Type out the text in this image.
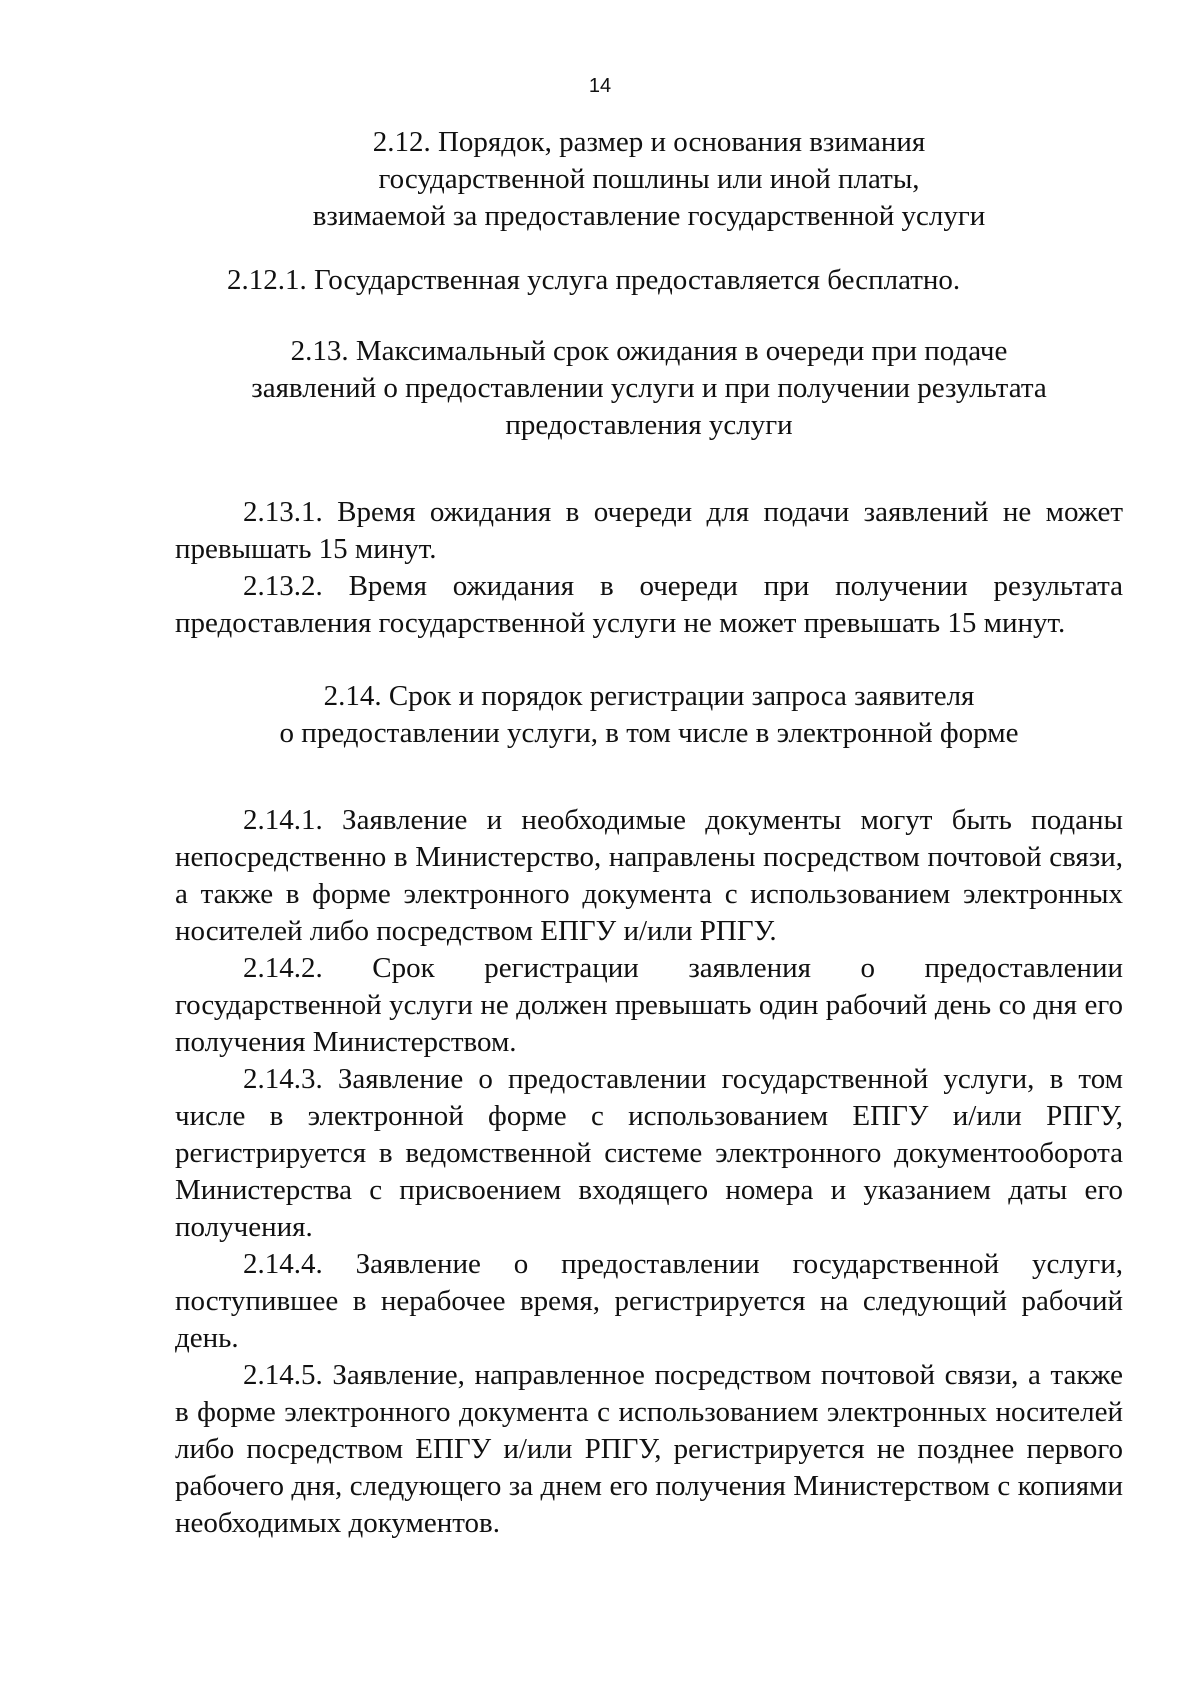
14
2.12. Порядок, размер и основания взимания
государственной пошлины или иной платы,
взимаемой за предоставление государственной услуги

2.12.1. Государственная услуга предоставляется бесплатно.

2.13. Максимальный срок ожидания в очереди при подаче
заявлений о предоставлении услуги и при получении результата
предоставления услуги

2.13.1. Время ожидания в очереди для подачи заявлений не может превышать 15 минут.

2.13.2. Время ожидания в очереди при получении результата предоставления государственной услуги не может превышать 15 минут.

2.14. Срок и порядок регистрации запроса заявителя
о предоставлении услуги, в том числе в электронной форме

2.14.1. Заявление и необходимые документы могут быть поданы непосредственно в Министерство, направлены посредством почтовой связи, а также в форме электронного документа с использованием электронных носителей либо посредством ЕПГУ и/или РПГУ.

2.14.2. Срок регистрации заявления о предоставлении государственной услуги не должен превышать один рабочий день со дня его получения Министерством.

2.14.3. Заявление о предоставлении государственной услуги, в том числе в электронной форме с использованием ЕПГУ и/или РПГУ, регистрируется в ведомственной системе электронного документооборота Министерства с присвоением входящего номера и указанием даты его получения.

2.14.4. Заявление о предоставлении государственной услуги, поступившее в нерабочее время, регистрируется на следующий рабочий день.

2.14.5. Заявление, направленное посредством почтовой связи, а также в форме электронного документа с использованием электронных носителей либо посредством ЕПГУ и/или РПГУ, регистрируется не позднее первого рабочего дня, следующего за днем его получения Министерством с копиями необходимых документов.
